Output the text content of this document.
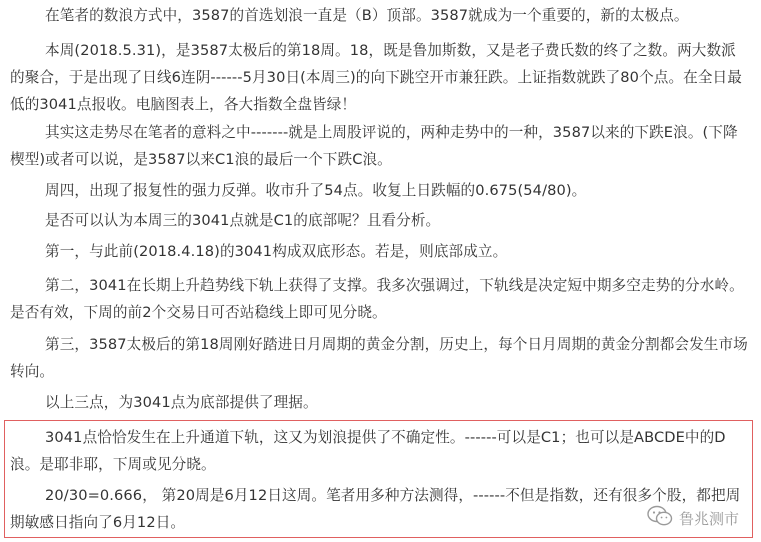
在笔者的数浪方式中，3587的首选划浪一直是（B）顶部。3587就成为一个重要的，新的太极点。

本周(2018.5.31)，是3587太极后的第18周。18，既是鲁加斯数，又是老子费氏数的终了之数。两大数派的聚合，于是出现了日线6连阴------5月30日(本周三)的向下跳空开市兼狂跌。上证指数就跌了80个点。在全日最低的3041点报收。电脑图表上，各大指数全盘皆绿！

其实这走势尽在笔者的意料之中-------就是上周股评说的，两种走势中的一种，3587以来的下跌E浪。(下降楔型)或者可以说，是3587以来C1浪的最后一个下跌C浪。

周四，出现了报复性的强力反弹。收市升了54点。收复上日跌幅的0.675(54/80)。

是否可以认为本周三的3041点就是C1的底部呢？且看分析。

第一，与此前(2018.4.18)的3041构成双底形态。若是，则底部成立。

第二，3041在长期上升趋势线下轨上获得了支撑。我多次强调过，下轨线是决定短中期多空走势的分水岭。是否有效，下周的前2个交易日可否站稳线上即可见分晓。

第三，3587太极后的第18周刚好踏进日月周期的黄金分割，历史上，每个日月周期的黄金分割都会发生市场转向。

以上三点，为3041点为底部提供了理据。

3041点恰恰发生在上升通道下轨，这又为划浪提供了不确定性。------可以是C1；也可以是ABCDE中的D浪。是耶非耶，下周或见分晓。

20/30=0.666， 第20周是6月12日这周。笔者用多种方法测得，------不但是指数，还有很多个股，都把周期敏感日指向了6月12日。	鲁兆测市
